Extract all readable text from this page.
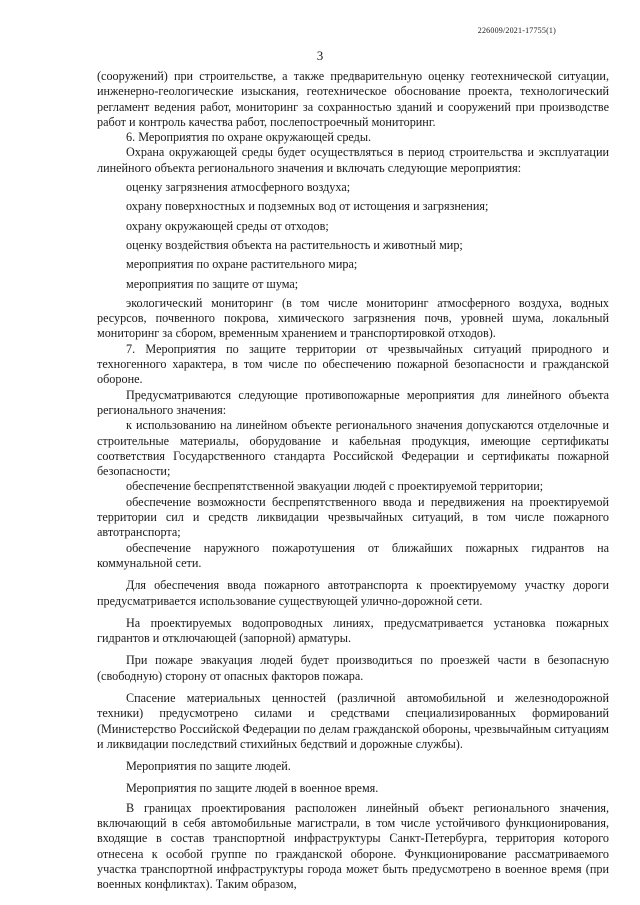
226009/2021-17755(1)
3

(сооружений) при строительстве, а также предварительную оценку геотехнической ситуации, инженерно-геологические изыскания, геотехническое обоснование проекта, технологический регламент ведения работ, мониторинг за сохранностью зданий и сооружений при производстве работ и контроль качества работ, послепостроечный мониторинг.

6. Мероприятия по охране окружающей среды.

Охрана окружающей среды будет осуществляться в период строительства и эксплуатации линейного объекта регионального значения и включать следующие мероприятия:

оценку загрязнения атмосферного воздуха;

охрану поверхностных и подземных вод от истощения и загрязнения;

охрану окружающей среды от отходов;

оценку воздействия объекта на растительность и животный мир;

мероприятия по охране растительного мира;

мероприятия по защите от шума;

экологический мониторинг (в том числе мониторинг атмосферного воздуха, водных ресурсов, почвенного покрова, химического загрязнения почв, уровней шума, локальный мониторинг за сбором, временным хранением и транспортировкой отходов).

7. Мероприятия по защите территории от чрезвычайных ситуаций природного и техногенного характера, в том числе по обеспечению пожарной безопасности и гражданской обороне.

Предусматриваются следующие противопожарные мероприятия для линейного объекта регионального значения:

к использованию на линейном объекте регионального значения допускаются отделочные и строительные материалы, оборудование и кабельная продукция, имеющие сертификаты соответствия Государственного стандарта Российской Федерации и сертификаты пожарной безопасности;

обеспечение беспрепятственной эвакуации людей с проектируемой территории;

обеспечение возможности беспрепятственного ввода и передвижения на проектируемой территории сил и средств ликвидации чрезвычайных ситуаций, в том числе пожарного автотранспорта;

обеспечение наружного пожаротушения от ближайших пожарных гидрантов на коммунальной сети.

Для обеспечения ввода пожарного автотранспорта к проектируемому участку дороги предусматривается использование существующей улично-дорожной сети.

На проектируемых водопроводных линиях, предусматривается установка пожарных гидрантов и отключающей (запорной) арматуры.

При пожаре эвакуация людей будет производиться по проезжей части в безопасную (свободную) сторону от опасных факторов пожара.

Спасение материальных ценностей (различной автомобильной и железнодорожной техники) предусмотрено силами и средствами специализированных формирований (Министерство Российской Федерации по делам гражданской обороны, чрезвычайным ситуациям и ликвидации последствий стихийных бедствий и дорожные службы).

Мероприятия по защите людей.

Мероприятия по защите людей в военное время.

В границах проектирования расположен линейный объект регионального значения, включающий в себя автомобильные магистрали, в том числе устойчивого функционирования, входящие в состав транспортной инфраструктуры Санкт-Петербурга, территория которого отнесена к особой группе по гражданской обороне. Функционирование рассматриваемого участка транспортной инфраструктуры города может быть предусмотрено в военное время (при военных конфликтах). Таким образом,
